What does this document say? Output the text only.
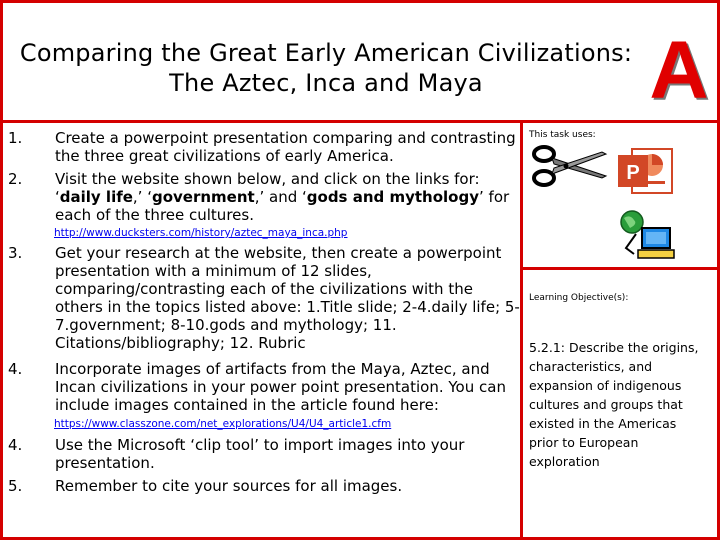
Comparing the Great Early American Civilizations: The Aztec, Inca and Maya	A
1.	Create a powerpoint presentation comparing and contrasting the three great civilizations of early America.
2.	Visit the website shown below, and click on the links for: ‘daily life,’ ‘government,’ and ‘gods and mythology’ for each of the three cultures.
http://www.ducksters.com/history/aztec_maya_inca.php
3.	Get your research at the website, then create a powerpoint presentation with a minimum of 12 slides, comparing/contrasting each of the civilizations with the others in the topics listed above: 1.Title slide; 2-4.daily life; 5-7.government; 8-10.gods and mythology; 11. Citations/bibliography; 12. Rubric
4.	Incorporate images of artifacts from the Maya, Aztec, and Incan civilizations in your power point presentation. You can include images contained in the article found here:
https://www.classzone.com/net_explorations/U4/U4_article1.cfm
4.	Use the Microsoft ‘clip tool’ to import images into your presentation.
5.	Remember to cite your sources for all images.
This task uses:
P
Learning Objective(s):
5.2.1: Describe the origins, characteristics, and expansion of indigenous cultures and groups that existed in the Americas prior to European exploration
